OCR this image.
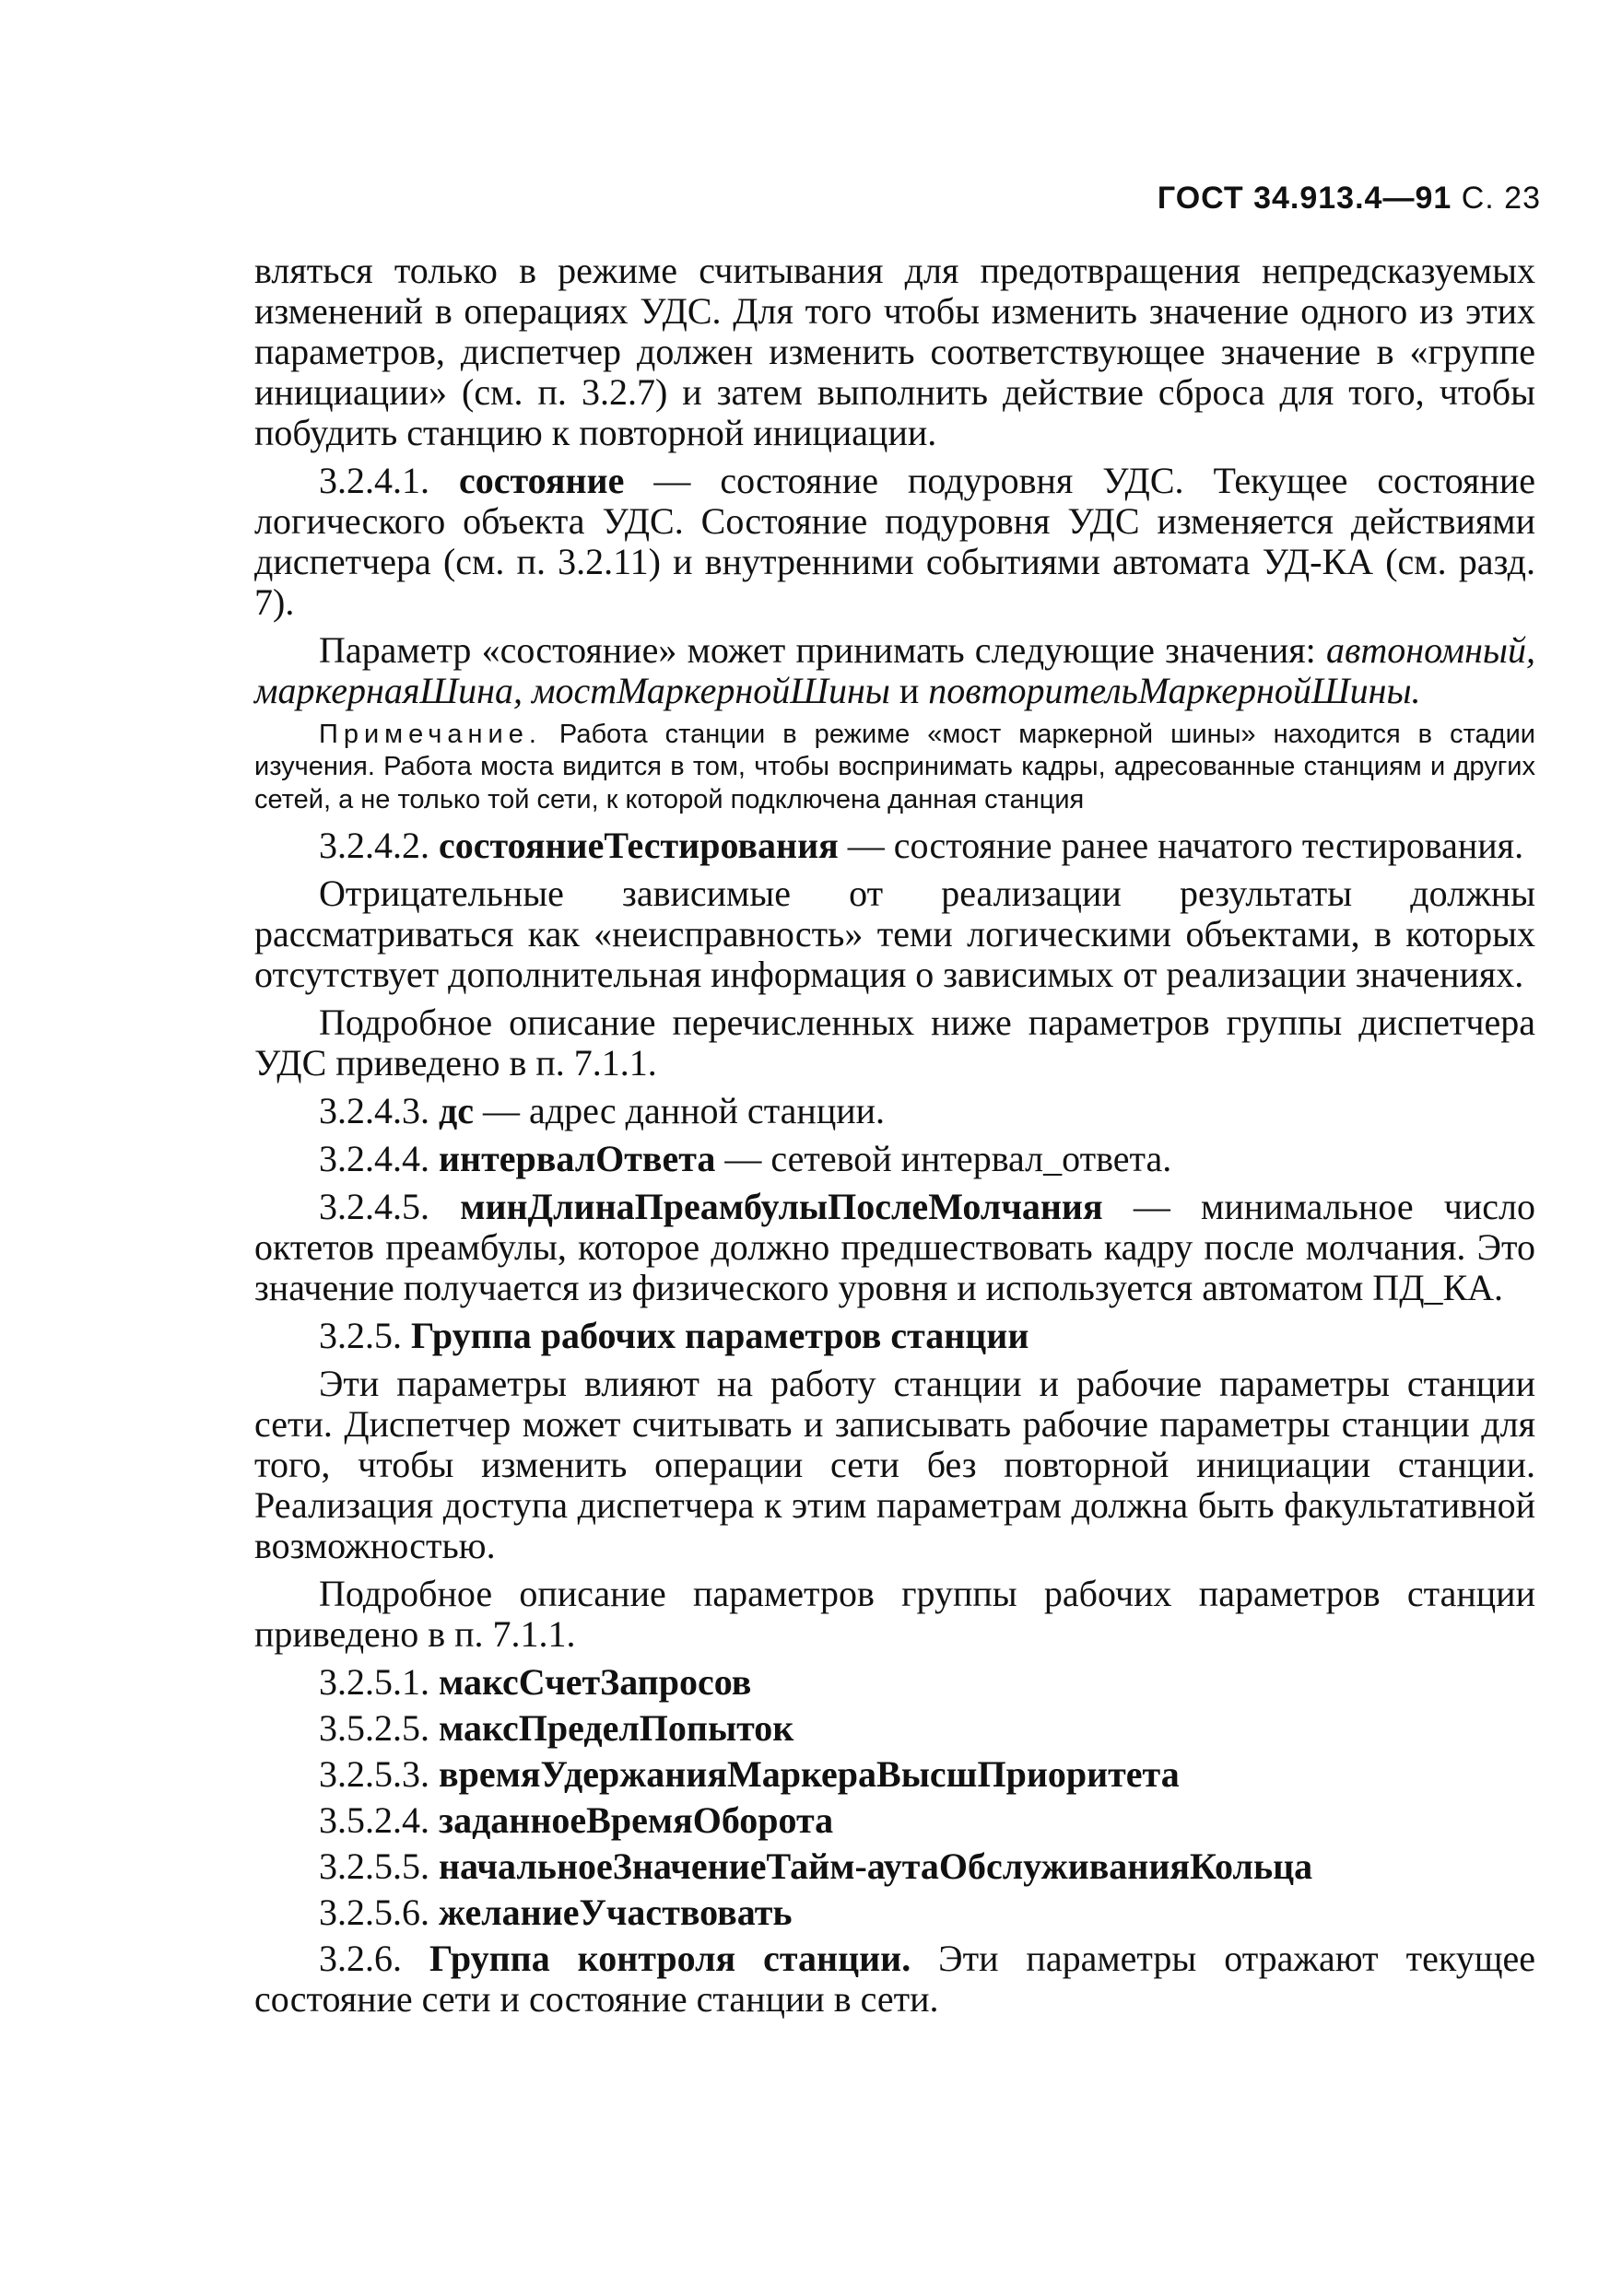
ГОСТ 34.913.4—91 С. 23

вляться только в режиме считывания для предотвращения непредсказуемых изменений в операциях УДС. Для того чтобы изменить значение одного из этих параметров, диспетчер должен изменить соответствующее значение в «группе инициации» (см. п. 3.2.7) и затем выполнить действие сброса для того, чтобы побудить станцию к повторной инициации.

3.2.4.1. состояние — состояние подуровня УДС. Текущее состояние логического объекта УДС. Состояние подуровня УДС изменяется действиями диспетчера (см. п. 3.2.11) и внутренними событиями автомата УД-КА (см. разд. 7).

Параметр «состояние» может принимать следующие значения: автономный, маркернаяШина, мостМаркернойШины и повторительМаркернойШины.

Примечание. Работа станции в режиме «мост маркерной шины» находится в стадии изучения. Работа моста видится в том, чтобы воспринимать кадры, адресованные станциям и других сетей, а не только той сети, к которой подключена данная станция

3.2.4.2. состояниеТестирования — состояние ранее начатого тестирования.

Отрицательные зависимые от реализации результаты должны рассматриваться как «неисправность» теми логическими объектами, в которых отсутствует дополнительная информация о зависимых от реализации значениях.

Подробное описание перечисленных ниже параметров группы диспетчера УДС приведено в п. 7.1.1.

3.2.4.3. дс — адрес данной станции.

3.2.4.4. интервалОтвета — сетевой интервал_ответа.

3.2.4.5. минДлинаПреамбулыПослеМолчания — минимальное число октетов преамбулы, которое должно предшествовать кадру после молчания. Это значение получается из физического уровня и используется автоматом ПД_КА.

3.2.5. Группа рабочих параметров станции

Эти параметры влияют на работу станции и рабочие параметры станции сети. Диспетчер может считывать и записывать рабочие параметры станции для того, чтобы изменить операции сети без повторной инициации станции. Реализация доступа диспетчера к этим параметрам должна быть факультативной возможностью.

Подробное описание параметров группы рабочих параметров станции приведено в п. 7.1.1.

3.2.5.1. максСчетЗапросов
3.5.2.5. максПределПопыток
3.2.5.3. времяУдержанияМаркераВысшПриоритета
3.5.2.4. заданноеВремяОборота
3.2.5.5. начальноеЗначениеТайм-аутаОбслуживанияКольца
3.2.5.6. желаниеУчаствовать

3.2.6. Группа контроля станции. Эти параметры отражают текущее состояние сети и состояние станции в сети.
